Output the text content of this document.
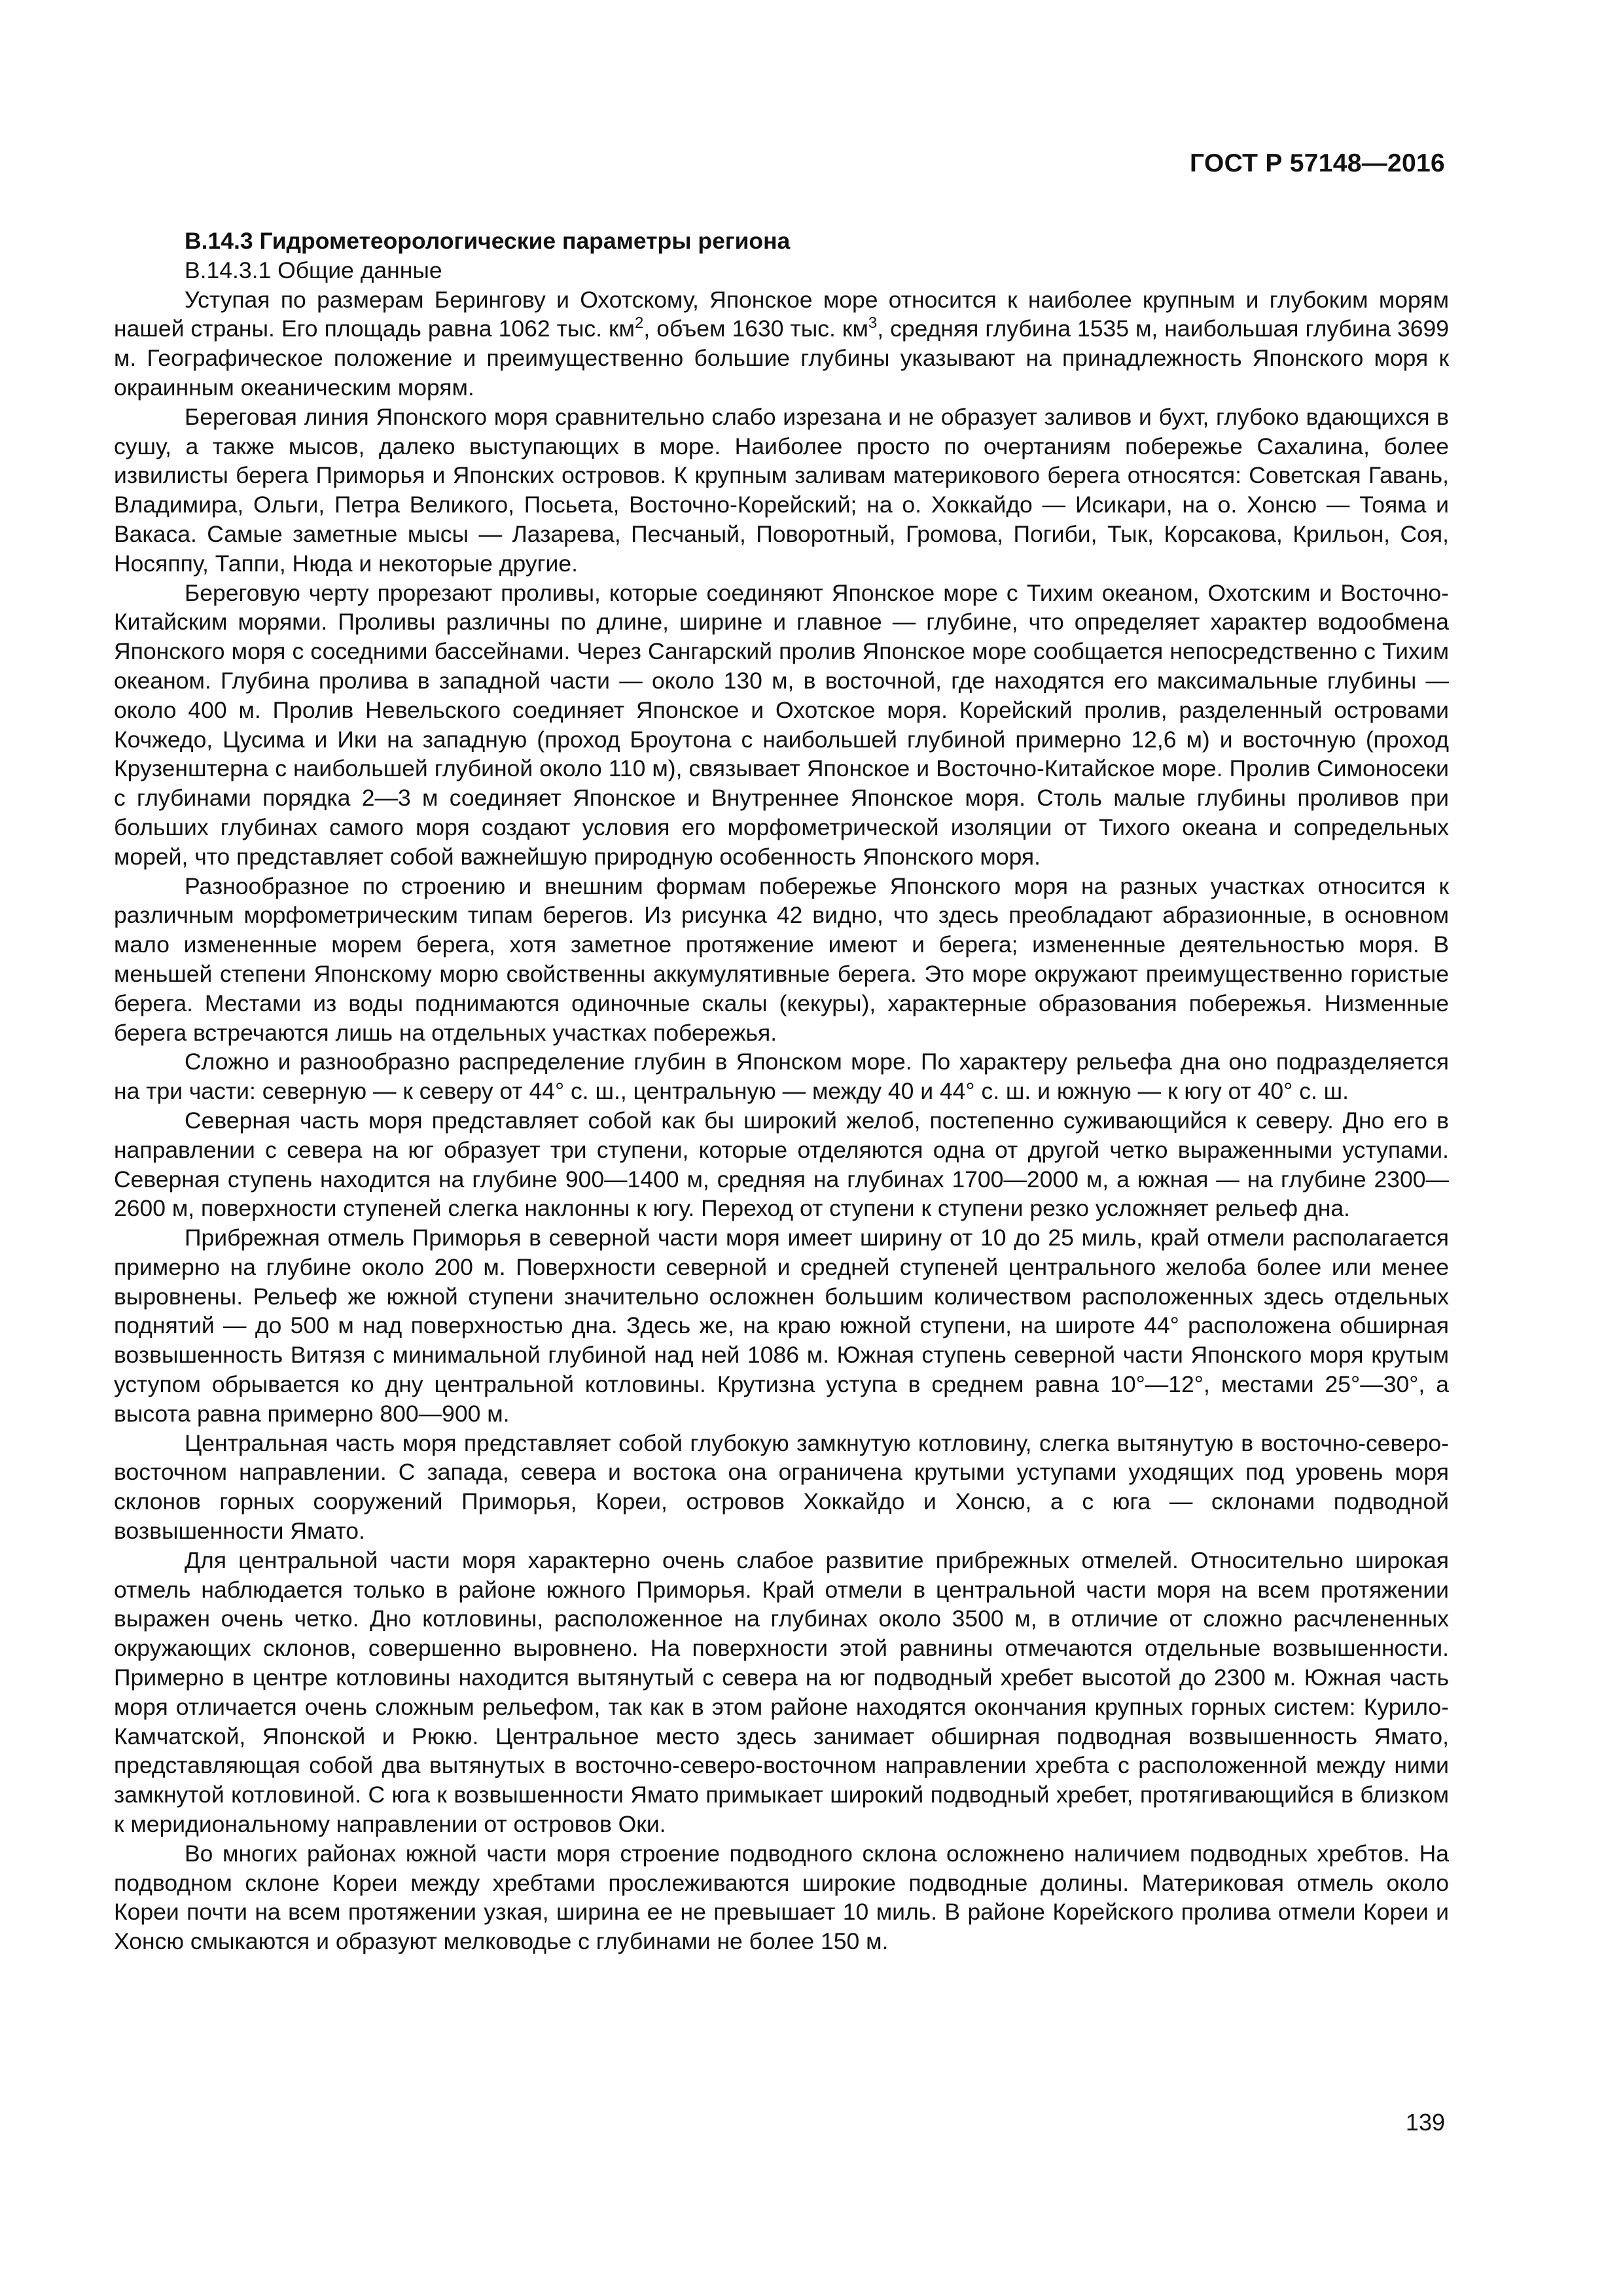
ГОСТ Р 57148—2016

B.14.3 Гидрометеорологические параметры региона

B.14.3.1 Общие данные

Уступая по размерам Берингову и Охотскому, Японское море относится к наиболее крупным и глубоким морям нашей страны. Его площадь равна 1062 тыс. $км^2$, объем 1630 тыс. $км^3$, средняя глубина 1535 м, наибольшая глубина 3699 м. Географическое положение и преимущественно большие глубины указывают на принадлежность Японского моря к окраинным океаническим морям.

Береговая линия Японского моря сравнительно слабо изрезана и не образует заливов и бухт, глубоко вдающихся в сушу, а также мысов, далеко выступающих в море. Наиболее просто по очертаниям побережье Сахалина, более извилисты берега Приморья и Японских островов. К крупным заливам материкового берега относятся: Советская Гавань, Владимира, Ольги, Петра Великого, Посьета, Восточно-Корейский; на о. Хоккайдо — Исикари, на о. Хонсю — Тояма и Вакаса. Самые заметные мысы — Лазарева, Песчаный, Поворотный, Громова, Погиби, Тык, Корсакова, Крильон, Соя, Носяппу, Таппи, Нюда и некоторые другие.

Береговую черту прорезают проливы, которые соединяют Японское море с Тихим океаном, Охотским и Восточно-Китайским морями. Проливы различны по длине, ширине и главное — глубине, что определяет характер водообмена Японского моря с соседними бассейнами. Через Сангарский пролив Японское море сообщается непосредственно с Тихим океаном. Глубина пролива в западной части — около 130 м, в восточной, где находятся его максимальные глубины — около 400 м. Пролив Невельского соединяет Японское и Охотское моря. Корейский пролив, разделенный островами Кочжедо, Цусима и Ики на западную (проход Броутона с наибольшей глубиной примерно 12,6 м) и восточную (проход Крузенштерна с наибольшей глубиной около 110 м), связывает Японское и Восточно-Китайское море. Пролив Симоносеки с глубинами порядка 2—3 м соединяет Японское и Внутреннее Японское моря. Столь малые глубины проливов при больших глубинах самого моря создают условия его морфометрической изоляции от Тихого океана и сопредельных морей, что представляет собой важнейшую природную особенность Японского моря.

Разнообразное по строению и внешним формам побережье Японского моря на разных участках относится к различным морфометрическим типам берегов. Из рисунка 42 видно, что здесь преобладают абразионные, в основном мало измененные морем берега, хотя заметное протяжение имеют и берега; измененные деятельностью моря. В меньшей степени Японскому морю свойственны аккумулятивные берега. Это море окружают преимущественно гористые берега. Местами из воды поднимаются одиночные скалы (кекуры), характерные образования побережья. Низменные берега встречаются лишь на отдельных участках побережья.

Сложно и разнообразно распределение глубин в Японском море. По характеру рельефа дна оно подразделяется на три части: северную — к северу от 44° с. ш., центральную — между 40 и 44° с. ш. и южную — к югу от 40° с. ш.

Северная часть моря представляет собой как бы широкий желоб, постепенно суживающийся к северу. Дно его в направлении с севера на юг образует три ступени, которые отделяются одна от другой четко выраженными уступами. Северная ступень находится на глубине 900—1400 м, средняя на глубинах 1700—2000 м, а южная — на глубине 2300—2600 м, поверхности ступеней слегка наклонны к югу. Переход от ступени к ступени резко усложняет рельеф дна.

Прибрежная отмель Приморья в северной части моря имеет ширину от 10 до 25 миль, край отмели располагается примерно на глубине около 200 м. Поверхности северной и средней ступеней центрального желоба более или менее выровнены. Рельеф же южной ступени значительно осложнен большим количеством расположенных здесь отдельных поднятий — до 500 м над поверхностью дна. Здесь же, на краю южной ступени, на широте 44° расположена обширная возвышенность Витязя с минимальной глубиной над ней 1086 м. Южная ступень северной части Японского моря крутым уступом обрывается ко дну центральной котловины. Крутизна уступа в среднем равна 10°—12°, местами 25°—30°, а высота равна примерно 800—900 м.

Центральная часть моря представляет собой глубокую замкнутую котловину, слегка вытянутую в восточно-северо-восточном направлении. С запада, севера и востока она ограничена крутыми уступами уходящих под уровень моря склонов горных сооружений Приморья, Кореи, островов Хоккайдо и Хонсю, а с юга — склонами подводной возвышенности Ямато.

Для центральной части моря характерно очень слабое развитие прибрежных отмелей. Относительно широкая отмель наблюдается только в районе южного Приморья. Край отмели в центральной части моря на всем протяжении выражен очень четко. Дно котловины, расположенное на глубинах около 3500 м, в отличие от сложно расчлененных окружающих склонов, совершенно выровнено. На поверхности этой равнины отмечаются отдельные возвышенности. Примерно в центре котловины находится вытянутый с севера на юг подводный хребет высотой до 2300 м. Южная часть моря отличается очень сложным рельефом, так как в этом районе находятся окончания крупных горных систем: Курило-Камчатской, Японской и Рюкю. Центральное место здесь занимает обширная подводная возвышенность Ямато, представляющая собой два вытянутых в восточно-северо-восточном направлении хребта с расположенной между ними замкнутой котловиной. С юга к возвышенности Ямато примыкает широкий подводный хребет, протягивающийся в близком к меридиональному направлении от островов Оки.

Во многих районах южной части моря строение подводного склона осложнено наличием подводных хребтов. На подводном склоне Кореи между хребтами прослеживаются широкие подводные долины. Материковая отмель около Кореи почти на всем протяжении узкая, ширина ее не превышает 10 миль. В районе Корейского пролива отмели Кореи и Хонсю смыкаются и образуют мелководье с глубинами не более 150 м.

139
